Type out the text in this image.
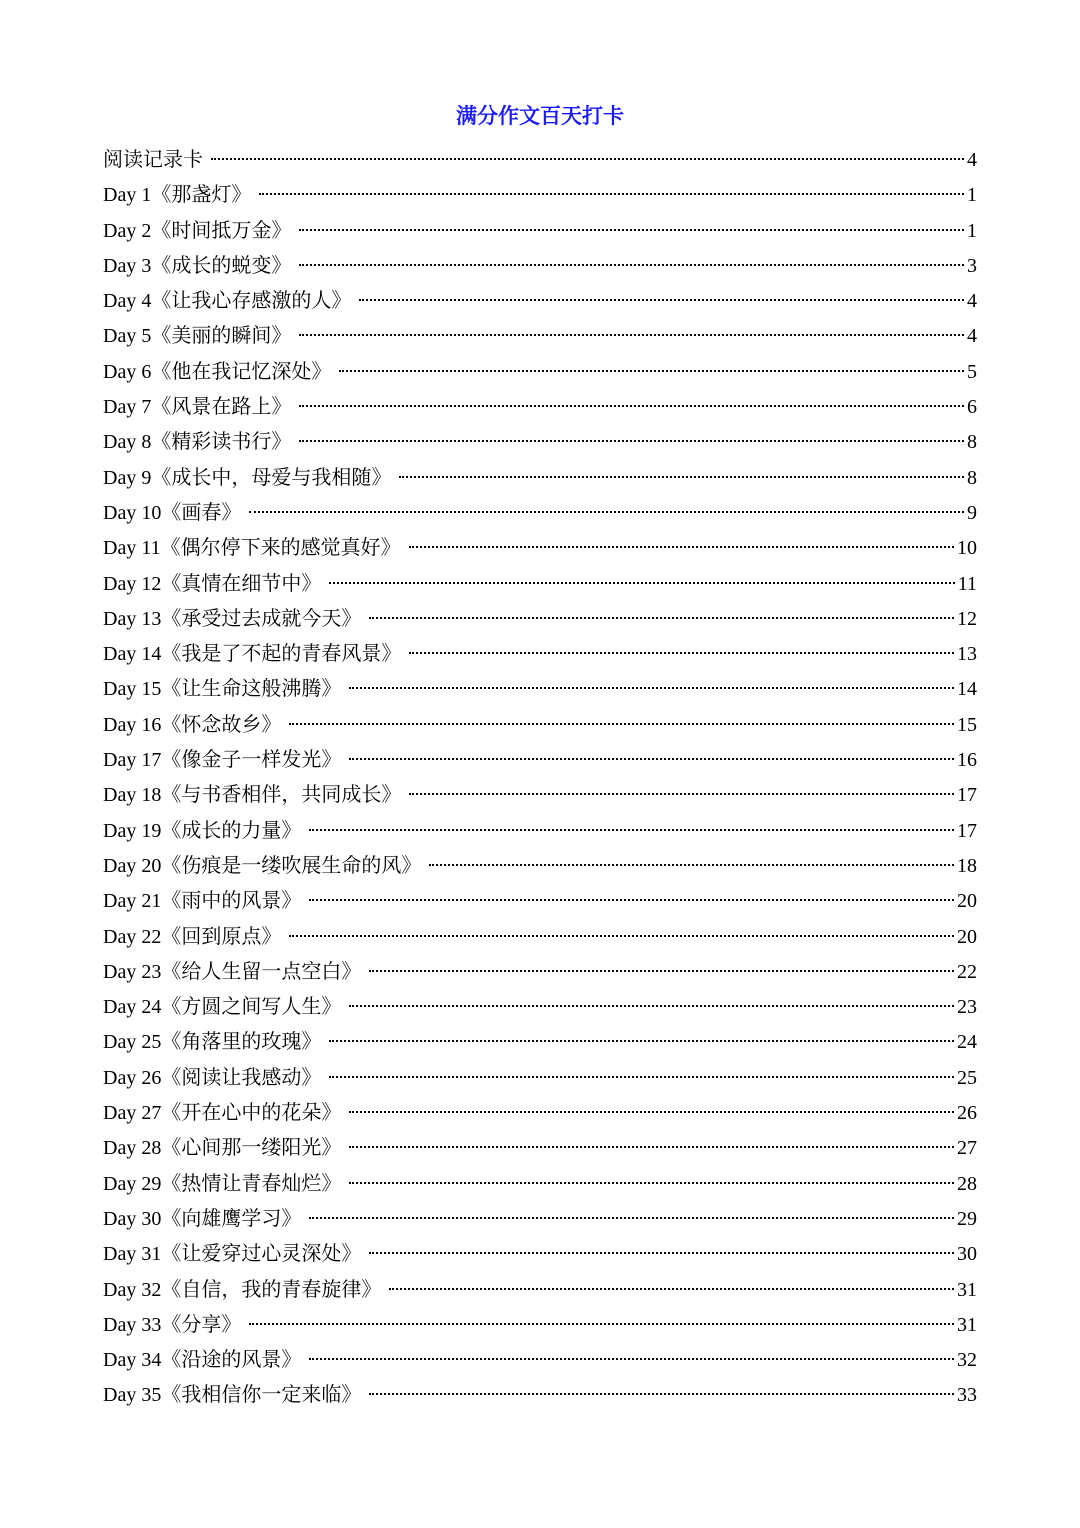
满分作文百天打卡
阅读记录卡	4
Day 1《那盏灯》	1
Day 2《时间抵万金》	1
Day 3《成长的蜕变》	3
Day 4《让我心存感激的人》	4
Day 5《美丽的瞬间》	4
Day 6《他在我记忆深处》	5
Day 7《风景在路上》	6
Day 8《精彩读书行》	8
Day 9《成长中，母爱与我相随》	8
Day 10《画春》	9
Day 11《偶尔停下来的感觉真好》	10
Day 12《真情在细节中》	11
Day 13《承受过去成就今天》	12
Day 14《我是了不起的青春风景》	13
Day 15《让生命这般沸腾》	14
Day 16《怀念故乡》	15
Day 17《像金子一样发光》	16
Day 18《与书香相伴，共同成长》	17
Day 19《成长的力量》	17
Day 20《伤痕是一缕吹展生命的风》	18
Day 21《雨中的风景》	20
Day 22《回到原点》	20
Day 23《给人生留一点空白》	22
Day 24《方圆之间写人生》	23
Day 25《角落里的玫瑰》	24
Day 26《阅读让我感动》	25
Day 27《开在心中的花朵》	26
Day 28《心间那一缕阳光》	27
Day 29《热情让青春灿烂》	28
Day 30《向雄鹰学习》	29
Day 31《让爱穿过心灵深处》	30
Day 32《自信，我的青春旋律》	31
Day 33《分享》	31
Day 34《沿途的风景》	32
Day 35《我相信你一定来临》	33
